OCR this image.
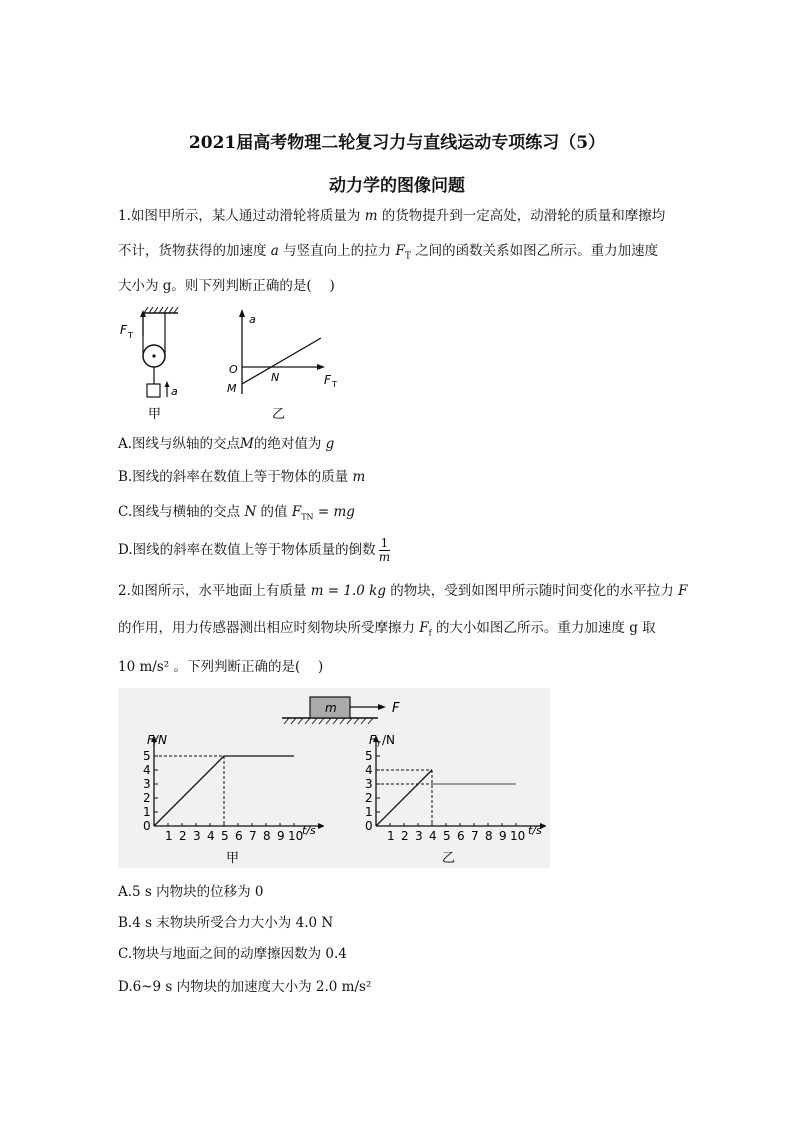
2021届高考物理二轮复习力与直线运动专项练习（5）
动力学的图像问题
1.如图甲所示，某人通过动滑轮将质量为 m 的货物提升到一定高处，动滑轮的质量和摩擦均
不计，货物获得的加速度 a 与竖直向上的拉力 $F_T$ 之间的函数关系如图乙所示。重力加速度
大小为 g。则下列判断正确的是(　 )
F T
a
甲
a
O
M
N	F T
乙
A.图线与纵轴的交点M的绝对值为 g
B.图线的斜率在数值上等于物体的质量 m
C.图线与横轴的交点 N 的值 $F_{TN}$ = mg
D.图线的斜率在数值上等于物体质量的倒数 $\frac{1}{m}$
2.如图所示，水平地面上有质量 m = 1.0 kg 的物块，受到如图甲所示随时间变化的水平拉力 F
的作用，用力传感器测出相应时刻物块所受摩擦力 $F_f$ 的大小如图乙所示。重力加速度 g 取
10 m/s² 。下列判断正确的是(　 )
m	F
0
1
2
3
4
5
1 2 3 4 5 6 7 8 9 10
F/N
t/s
甲
0
1
2
3
4
5
1 2 3 4 5 6 7 8 9 10
F f /N
t/s
乙
A.5 s 内物块的位移为 0
B.4 s 末物块所受合力大小为 4.0 N
C.物块与地面之间的动摩擦因数为 0.4
D.6~9 s 内物块的加速度大小为 2.0 m/s²
